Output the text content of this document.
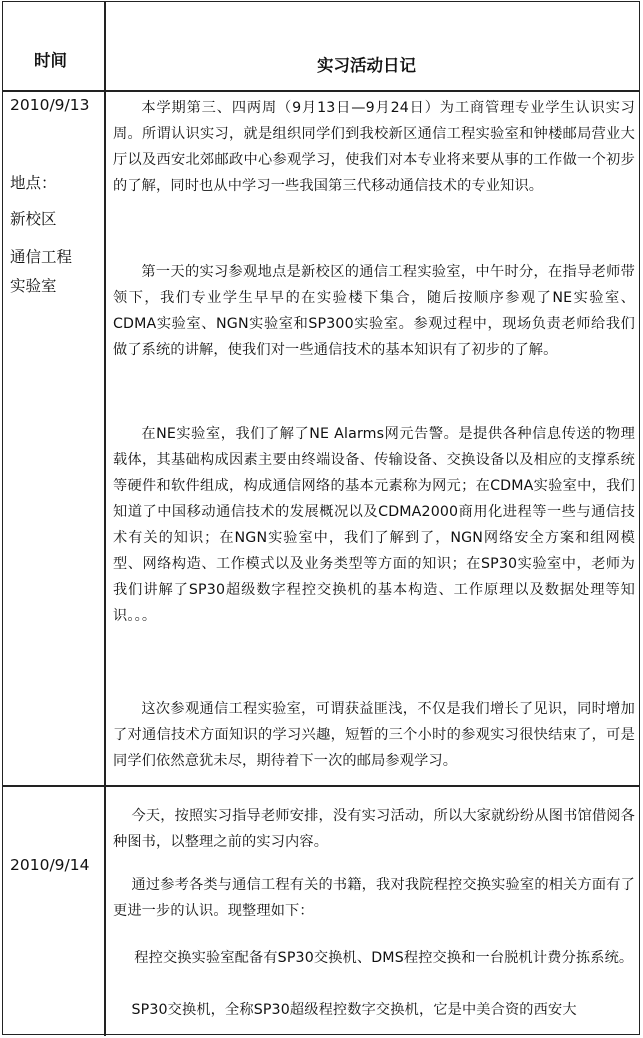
时间	实习活动日记
2010/9/13
地点：
新校区
通信工程
实验室

本学期第三、四两周（9月13日—9月24日）为工商管理专业学生认识实习周。所谓认识实习，就是组织同学们到我校新区通信工程实验室和钟楼邮局营业大厅以及西安北郊邮政中心参观学习，使我们对本专业将来要从事的工作做一个初步的了解，同时也从中学习一些我国第三代移动通信技术的专业知识。

第一天的实习参观地点是新校区的通信工程实验室，中午时分，在指导老师带领下，我们专业学生早早的在实验楼下集合，随后按顺序参观了NE实验室、CDMA实验室、NGN实验室和SP300实验室。参观过程中，现场负责老师给我们做了系统的讲解，使我们对一些通信技术的基本知识有了初步的了解。

在NE实验室，我们了解了NE Alarms网元告警。是提供各种信息传送的物理载体，其基础构成因素主要由终端设备、传输设备、交换设备以及相应的支撑系统等硬件和软件组成，构成通信网络的基本元素称为网元；在CDMA实验室中，我们知道了中国移动通信技术的发展概况以及CDMA2000商用化进程等一些与通信技术有关的知识；在NGN实验室中，我们了解到了，NGN网络安全方案和组网模型、网络构造、工作模式以及业务类型等方面的知识；在SP30实验室中，老师为我们讲解了SP30超级数字程控交换机的基本构造、工作原理以及数据处理等知识。。。

这次参观通信工程实验室，可谓获益匪浅，不仅是我们增长了见识，同时增加了对通信技术方面知识的学习兴趣，短暂的三个小时的参观实习很快结束了，可是同学们依然意犹未尽，期待着下一次的邮局参观学习。

2010/9/14

今天，按照实习指导老师安排，没有实习活动，所以大家就纷纷从图书馆借阅各种图书，以整理之前的实习内容。

通过参考各类与通信工程有关的书籍，我对我院程控交换实验室的相关方面有了更进一步的认识。现整理如下：

程控交换实验室配备有SP30交换机、DMS程控交换和一台脱机计费分拣系统。

SP30交换机，全称SP30超级程控数字交换机，它是中美合资的西安大
